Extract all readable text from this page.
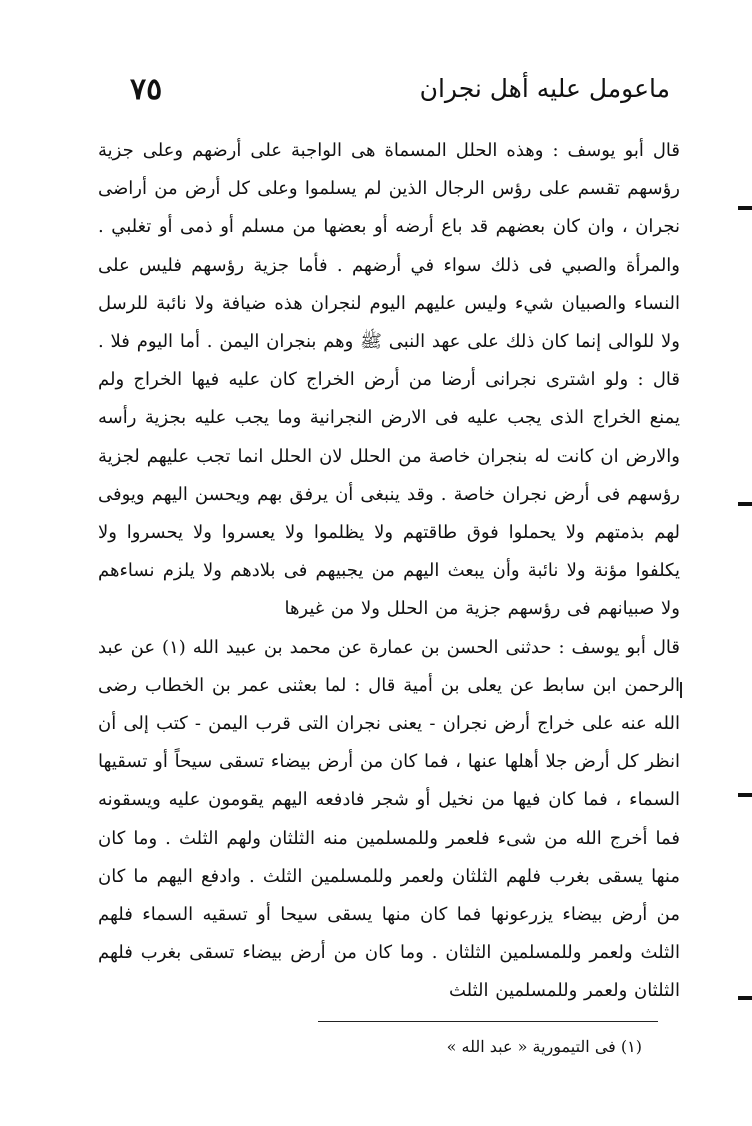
٧٥	ماعومل عليه أهل نجران

قال أبو يوسف : وهذه الحلل المسماة هى الواجبة على أرضهم وعلى جزية رؤسهم تقسم على رؤس الرجال الذين لم يسلموا وعلى كل أرض من أراضى نجران ، وان كان بعضهم قد باع أرضه أو بعضها من مسلم أو ذمى أو تغلبي . والمرأة والصبي فى ذلك سواء في أرضهم . فأما جزية رؤسهم فليس على النساء والصبيان شيء وليس عليهم اليوم لنجران هذه ضيافة ولا نائبة للرسل ولا للوالى إنما كان ذلك على عهد النبى ﷺ وهم بنجران اليمن . أما اليوم فلا . قال : ولو اشترى نجرانى أرضا من أرض الخراج كان عليه فيها الخراج ولم يمنع الخراج الذى يجب عليه فى الارض النجرانية وما يجب عليه بجزية رأسه والارض ان كانت له بنجران خاصة من الحلل لان الحلل انما تجب عليهم لجزية رؤسهم فى أرض نجران خاصة . وقد ينبغى أن يرفق بهم ويحسن اليهم ويوفى لهم بذمتهم ولا يحملوا فوق طاقتهم ولا يظلموا ولا يعسروا ولا يحسروا ولا يكلفوا مؤنة ولا نائبة وأن يبعث اليهم من يجبيهم فى بلادهم ولا يلزم نساءهم ولا صبيانهم فى رؤسهم جزية من الحلل ولا من غيرها

قال أبو يوسف : حدثنى الحسن بن عمارة عن محمد بن عبيد الله (١) عن عبد الرحمن ابن سابط عن يعلى بن أمية قال : لما بعثنى عمر بن الخطاب رضى الله عنه على خراج أرض نجران - يعنى نجران التى قرب اليمن - كتب إلى أن انظر كل أرض جلا أهلها عنها ، فما كان من أرض بيضاء تسقى سيحاً أو تسقيها السماء ، فما كان فيها من نخيل أو شجر فادفعه اليهم يقومون عليه ويسقونه فما أخرج الله من شىء فلعمر وللمسلمين منه الثلثان ولهم الثلث . وما كان منها يسقى بغرب فلهم الثلثان ولعمر وللمسلمين الثلث . وادفع اليهم ما كان من أرض بيضاء يزرعونها فما كان منها يسقى سيحا أو تسقيه السماء فلهم الثلث ولعمر وللمسلمين الثلثان . وما كان من أرض بيضاء تسقى بغرب فلهم الثلثان ولعمر وللمسلمين الثلث

(١) فى التيمورية « عبد الله »
